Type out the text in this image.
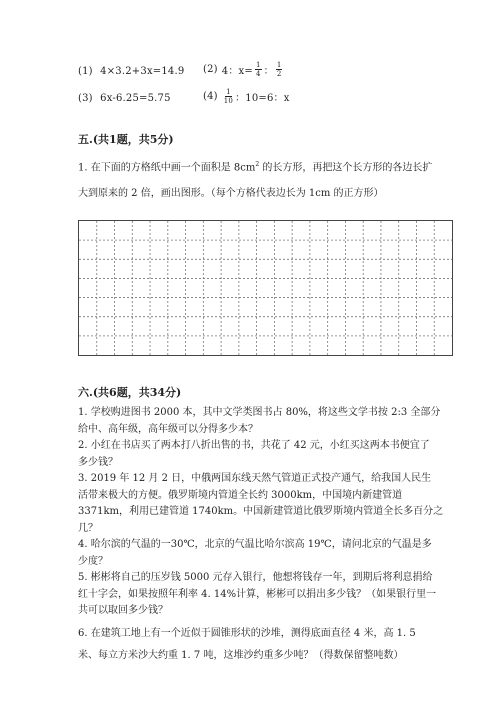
(1) 4×3.2+3x=14.9 (2) 4：$x= \frac{1}{4}$ ： $\frac{1}{2}$
(3) 6x-6.25=5.75	$(4) \frac{1}{10}$ ：10=6：x
五.(共1题，共5分)
1. 在下面的方格纸中画一个面积是 $8cm^2$ 的长方形，再把这个长方形的各边长扩
大到原来的 2 倍，画出图形。（每个方格代表边长为 1cm 的正方形）
六.(共6题，共34分)
1. 学校购进图书 2000 本，其中文学类图书占 80%，将这些文学书按 2:3 全部分
给中、高年级，高年级可以分得多少本？
2. 小红在书店买了两本打八折出售的书，共花了 42 元，小红买这两本书便宜了
多少钱？
3. 2019 年 12 月 2 日，中俄两国东线天然气管道正式投产通气，给我国人民生
活带来极大的方便。俄罗斯境内管道全长约 3000km，中国境内新建管道
3371km，利用已建管道 1740km。中国新建管道比俄罗斯境内管道全长多百分之
几？
4. 哈尔滨的气温的一30℃，北京的气温比哈尔滨高 19℃，请问北京的气温是多
少度？
5. 彬彬将自己的压岁钱 5000 元存入银行，他想将钱存一年，到期后将利息捐给
红十字会，如果按照年利率 4. 14%计算，彬彬可以捐出多少钱？（如果银行里一
共可以取回多少钱？
6. 在建筑工地上有一个近似于圆锥形状的沙堆，测得底面直径 4 米，高 1. 5
米、每立方米沙大约重 1. 7 吨，这堆沙约重多少吨？（得数保留整吨数）
